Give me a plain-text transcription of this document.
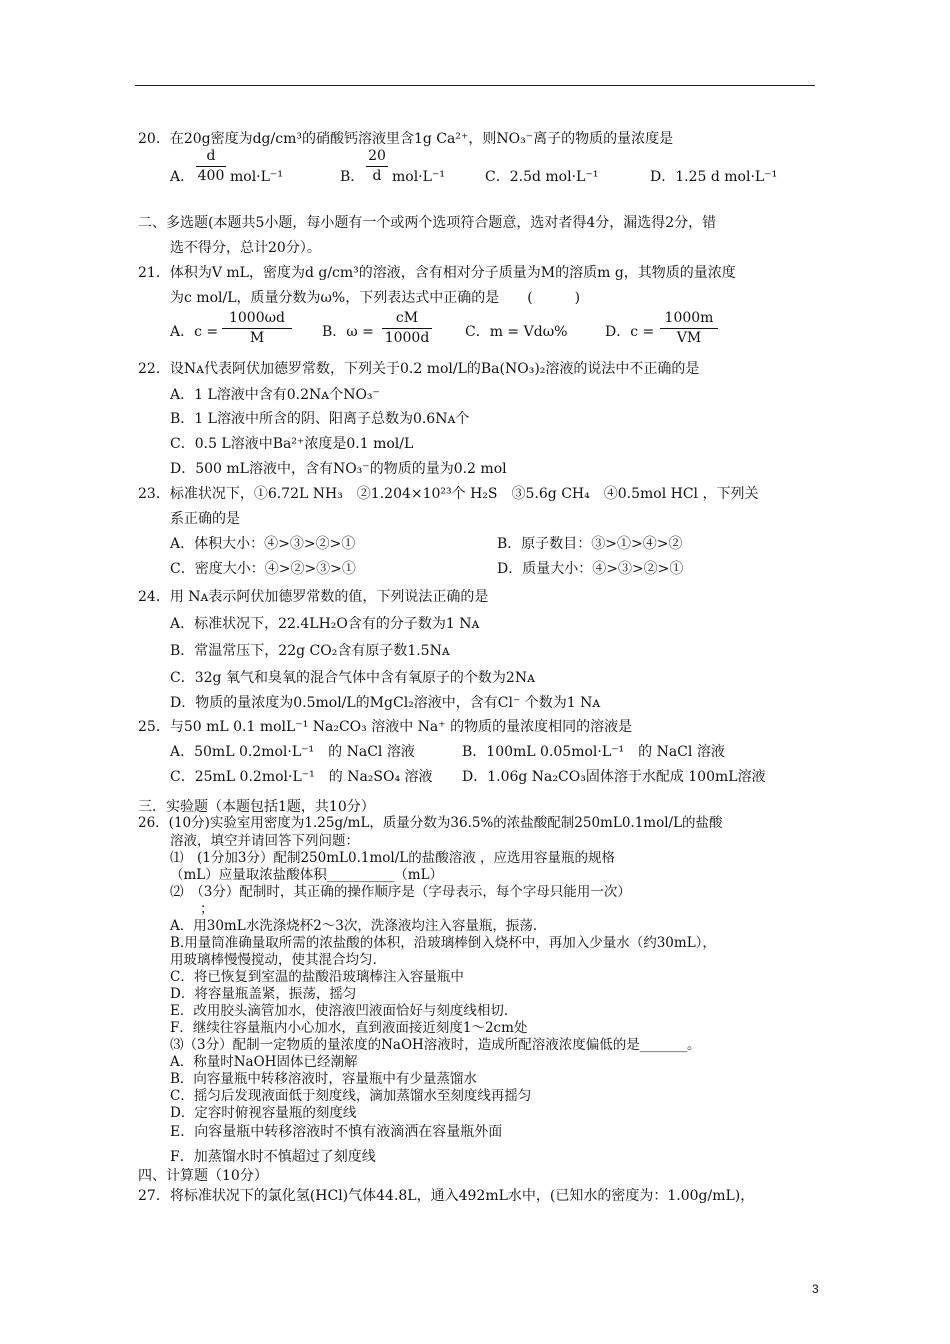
20．在20g密度为dg/cm³的硝酸钙溶液里含1g Ca²⁺，则NO₃⁻离子的物质的量浓度是
A．
d
400 mol·L⁻¹	B．
20
d mol·L⁻¹	C．2.5d mol·L⁻¹	D．1.25 d mol·L⁻¹
二、多选题(本题共5小题，每小题有一个或两个选项符合题意，选对者得4分，漏选得2分，错
选不得分，总计20分）。
21．体积为V mL，密度为d g/cm³的溶液，含有相对分子质量为M的溶质m g，其物质的量浓度
为c mol/L，质量分数为ω%，下列表达式中正确的是　　(　　　)
A．c =
1000ωd
M	B．ω =
cM
1000d	C．m = Vdω%	D．c =
1000m
VM
22．设Nᴀ代表阿伏加德罗常数，下列关于0.2 mol/L的Ba(NO₃)₂溶液的说法中不正确的是
A．1 L溶液中含有0.2Nᴀ个NO₃⁻
B．1 L溶液中所含的阴、阳离子总数为0.6Nᴀ个
C．0.5 L溶液中Ba²⁺浓度是0.1 mol/L
D．500 mL溶液中，含有NO₃⁻的物质的量为0.2 mol
23．标准状况下，①6.72L NH₃　②1.204×10²³个 H₂S　③5.6g CH₄　④0.5mol HCl ，下列关
系正确的是
A．体积大小：④>③>②>①	B．原子数目：③>①>④>②
C．密度大小：④>②>③>①	D．质量大小：④>③>②>①
24．用 Nᴀ表示阿伏加德罗常数的值，下列说法正确的是
A．标准状况下，22.4LH₂O含有的分子数为1 Nᴀ
B．常温常压下，22g CO₂含有原子数1.5Nᴀ
C．32g 氧气和臭氧的混合气体中含有氧原子的个数为2Nᴀ
D．物质的量浓度为0.5mol/L的MgCl₂溶液中，含有Cl⁻ 个数为1 Nᴀ
25．与50 mL 0.1 molL⁻¹ Na₂CO₃ 溶液中 Na⁺ 的物质的量浓度相同的溶液是
A．50mL 0.2mol·L⁻¹　的 NaCl 溶液	B．100mL 0.05mol·L⁻¹　的 NaCl 溶液
C．25mL 0.2mol·L⁻¹　的 Na₂SO₄ 溶液 D．1.06g Na₂CO₃固体溶于水配成 100mL溶液
三．实验题（本题包括1题，共10分）
26．(10分)实验室用密度为1.25g/mL，质量分数为36.5%的浓盐酸配制250mL0.1mol/L的盐酸
溶液，填空并请回答下列问题：
⑴　(1分加3分）配制250mL0.1mol/L的盐酸溶液 ，应选用容量瓶的规格
（mL）应量取浓盐酸体积__________（mL）
⑵　（3分）配制时，其正确的操作顺序是（字母表示，每个字母只能用一次）
；
A．用30mL水洗涤烧杯2～3次，洗涤液均注入容量瓶，振荡.
B.用量筒准确量取所需的浓盐酸的体积，沿玻璃棒倒入烧杯中，再加入少量水（约30mL），
用玻璃棒慢慢搅动，使其混合均匀.
C．将已恢复到室温的盐酸沿玻璃棒注入容量瓶中
D．将容量瓶盖紧，振荡，摇匀
E．改用胶头滴管加水，使溶液凹液面恰好与刻度线相切.
F．继续往容量瓶内小心加水，直到液面接近刻度1～2cm处
⑶（3分）配制一定物质的量浓度的NaOH溶液时，造成所配溶液浓度偏低的是_______。
A．称量时NaOH固体已经潮解
B．向容量瓶中转移溶液时，容量瓶中有少量蒸馏水
C．摇匀后发现液面低于刻度线，滴加蒸馏水至刻度线再摇匀
D．定容时俯视容量瓶的刻度线
E．向容量瓶中转移溶液时不慎有液滴洒在容量瓶外面
F．加蒸馏水时不慎超过了刻度线
四、计算题（10分）
27．将标准状况下的氯化氢(HCl)气体44.8L，通入492mL水中，(已知水的密度为：1.00g/mL)，
3
